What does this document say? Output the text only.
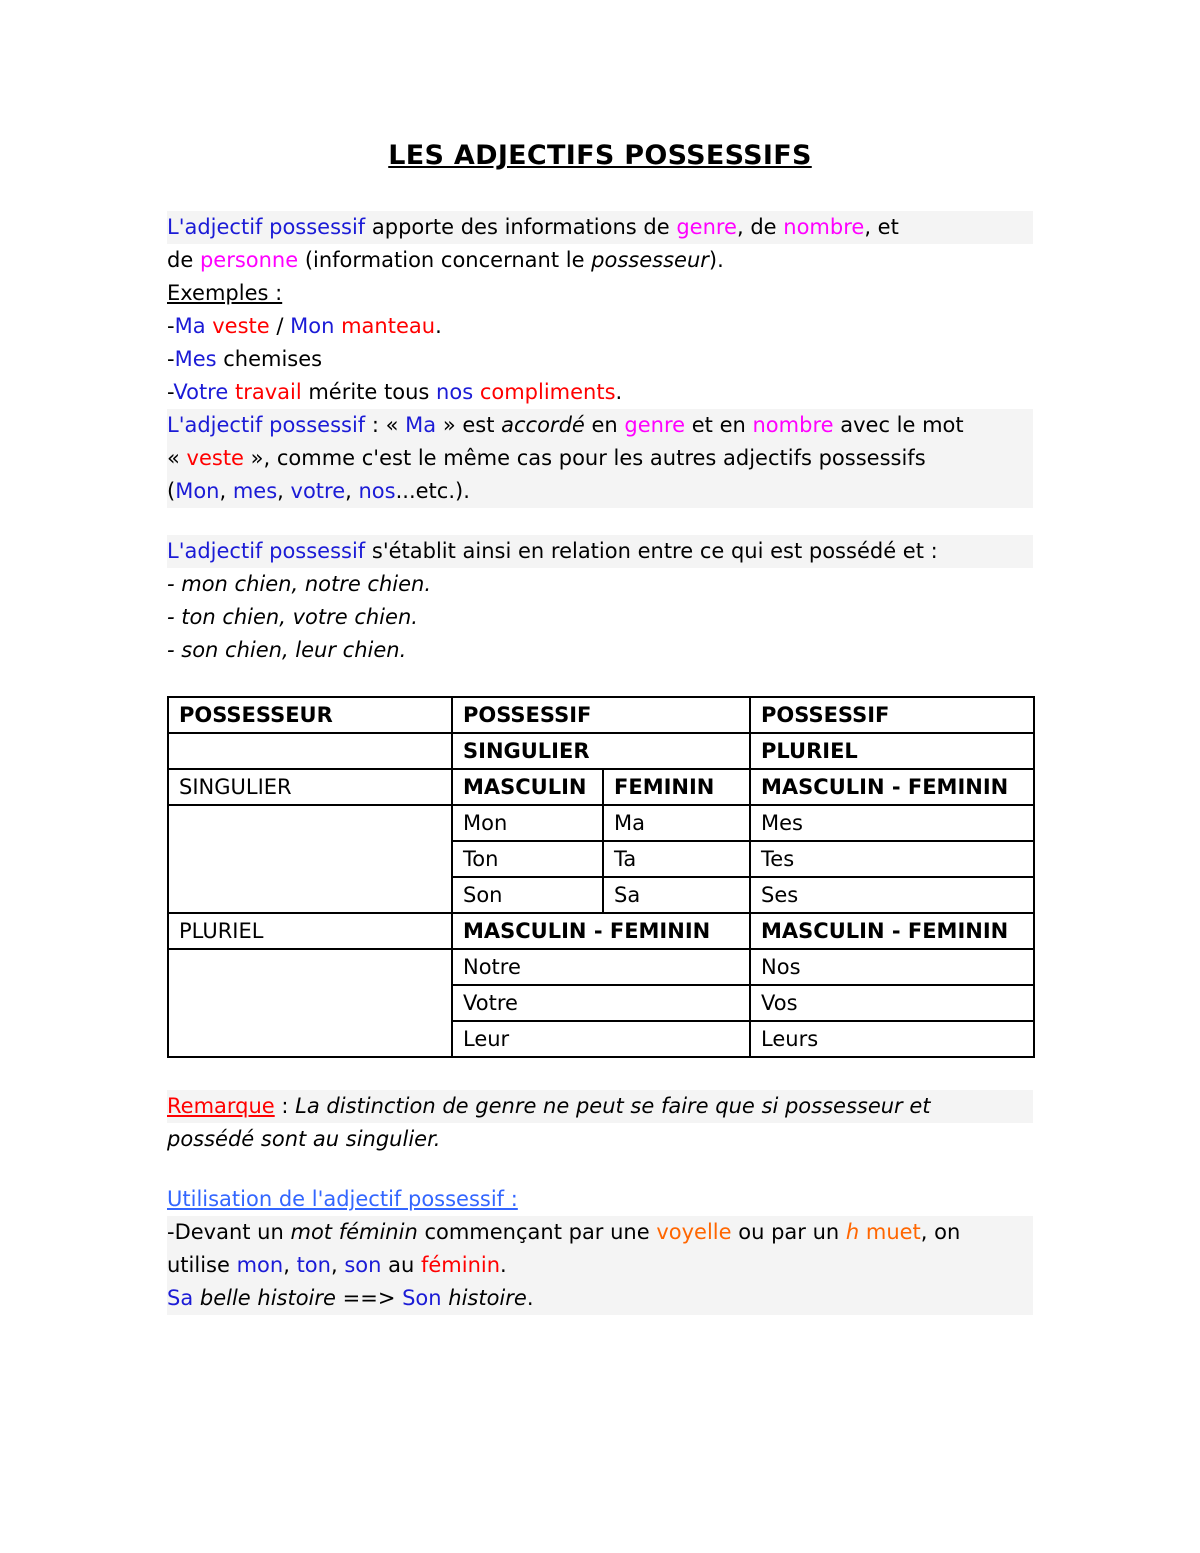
LES ADJECTIFS POSSESSIFS
L'adjectif possessif apporte des informations de genre, de nombre, et
de personne (information concernant le possesseur).
Exemples :
-Ma veste / Mon manteau.
-Mes chemises
-Votre travail mérite tous nos compliments.
L'adjectif possessif : « Ma » est accordé en genre et en nombre avec le mot
« veste », comme c'est le même cas pour les autres adjectifs possessifs
(Mon, mes, votre, nos...etc.).
L'adjectif possessif s'établit ainsi en relation entre ce qui est possédé et :
- mon chien, notre chien.
- ton chien, votre chien.
- son chien, leur chien.
POSSESSEUR	POSSESSIF		POSSESSIF
	SINGULIER		PLURIEL
SINGULIER	MASCULIN	FEMININ	MASCULIN - FEMININ
	Mon	Ma	Mes
	Ton	Ta	Tes
	Son	Sa	Ses
PLURIEL	MASCULIN - FEMININ		MASCULIN - FEMININ
	Notre		Nos
	Votre		Vos
	Leur		Leurs
Remarque : La distinction de genre ne peut se faire que si possesseur et
possédé sont au singulier.
Utilisation de l'adjectif possessif :
-Devant un mot féminin commençant par une voyelle ou par un h muet, on
utilise mon, ton, son au féminin.
Sa belle histoire ==> Son histoire.
